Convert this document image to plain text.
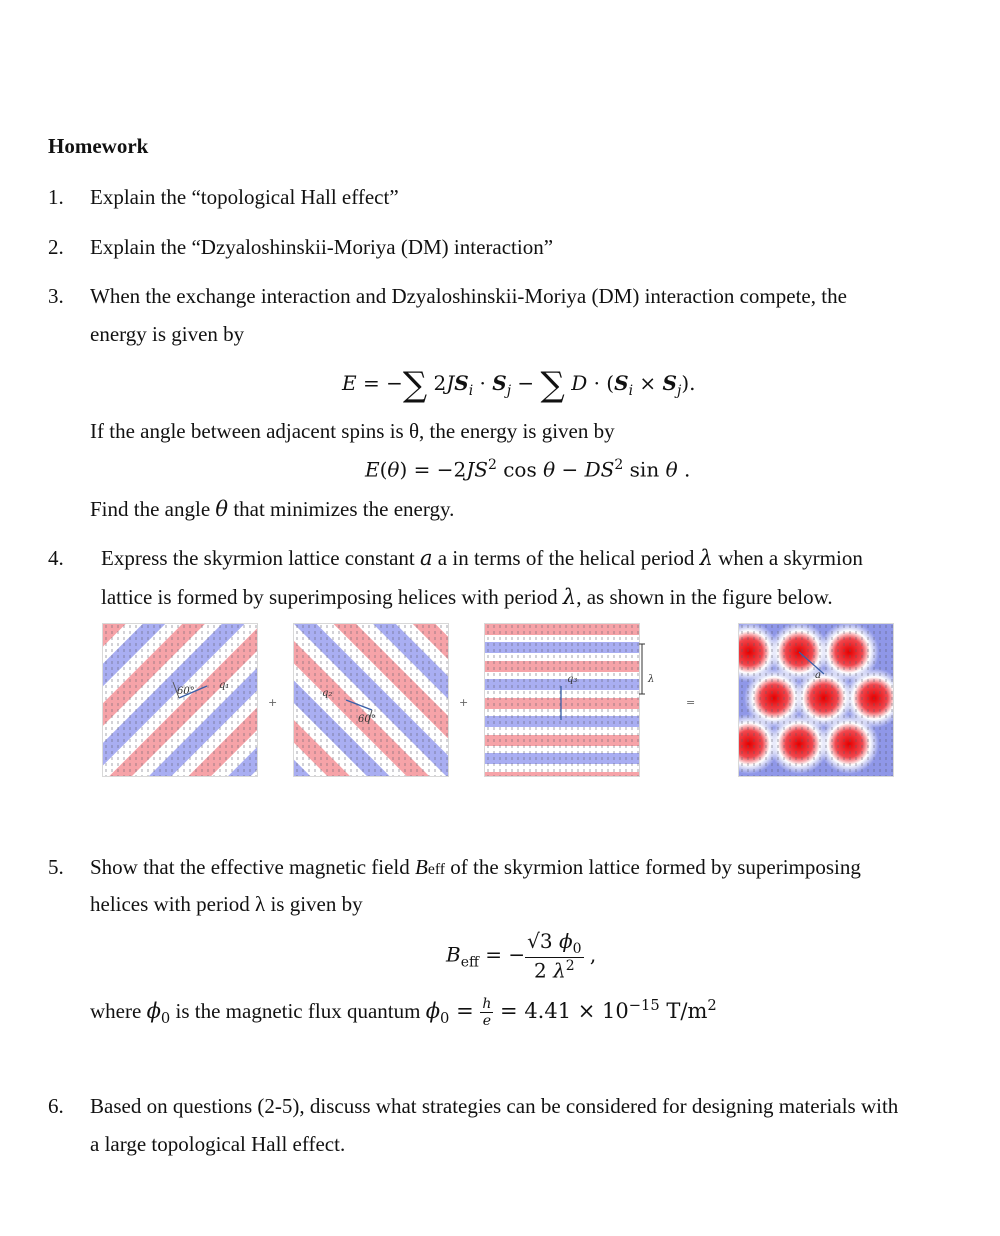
Homework
1. Explain the “topological Hall effect”
2. Explain the “Dzyaloshinskii-Moriya (DM) interaction”
3. When the exchange interaction and Dzyaloshinskii-Moriya (DM) interaction compete, the
energy is given by
E = −∑ $2JS_i \cdot S_j$ − ∑ $D \cdot (S_i \times S_j)$.
If the angle between adjacent spins is θ, the energy is given by
$E(\theta) = -2JS^2$ $\cos \theta - DS^2$ sin θ .
Find the angle θ that minimizes the energy.
4. Express the skyrmion lattice constant a a in terms of the helical period λ when a skyrmion
lattice is formed by superimposing helices with period λ, as shown in the figure below.
60°
q₁
+
q₂
60°
+
q₃	λ
=
a
5. Show that the effective magnetic field Beff of the skyrmion lattice formed by superimposing
helices with period λ is given by
$B_{eff}$ = − $\frac{√3 \phi_0}{2 \lambda^2}$ ,
where $\phi_0$ is the magnetic flux quantum $\phi_0 = \frac{h}{e} = 4.41 \times 10^{-15}$ $T/m^2$
6. Based on questions (2-5), discuss what strategies can be considered for designing materials with
a large topological Hall effect.
